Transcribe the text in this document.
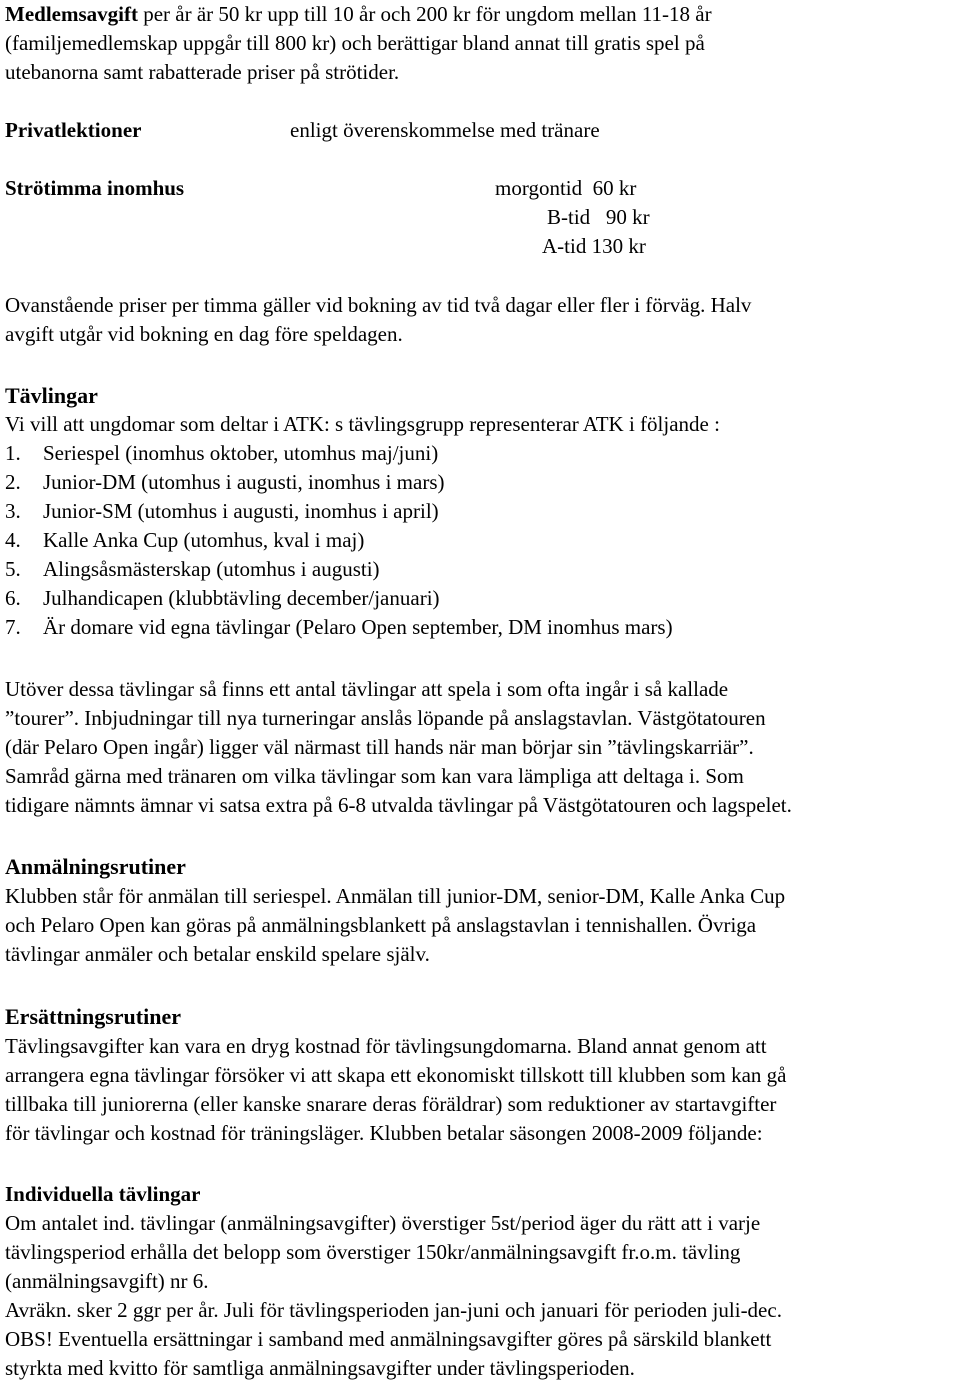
Medlemsavgift per år är 50 kr upp till 10 år och 200 kr för ungdom mellan 11-18 år
(familjemedlemskap uppgår till 800 kr) och berättigar bland annat till gratis spel på
utebanorna samt rabatterade priser på strötider.
Privatlektioner	enligt överenskommelse med tränare
Strötimma inomhus	morgontid  60 kr
B-tid   90 kr
A-tid 130 kr
Ovanstående priser per timma gäller vid bokning av tid två dagar eller fler i förväg. Halv
avgift utgår vid bokning en dag före speldagen.
Tävlingar
Vi vill att ungdomar som deltar i ATK: s tävlingsgrupp representerar ATK i följande :
1. Seriespel (inomhus oktober, utomhus maj/juni)
2. Junior-DM (utomhus i augusti, inomhus i mars)
3. Junior-SM (utomhus i augusti, inomhus i april)
4. Kalle Anka Cup (utomhus, kval i maj)
5. Alingsåsmästerskap (utomhus i augusti)
6. Julhandicapen (klubbtävling december/januari)
7. Är domare vid egna tävlingar (Pelaro Open september, DM inomhus mars)
Utöver dessa tävlingar så finns ett antal tävlingar att spela i som ofta ingår i så kallade
”tourer”. Inbjudningar till nya turneringar anslås löpande på anslagstavlan. Västgötatouren
(där Pelaro Open ingår) ligger väl närmast till hands när man börjar sin ”tävlingskarriär”.
Samråd gärna med tränaren om vilka tävlingar som kan vara lämpliga att deltaga i. Som
tidigare nämnts ämnar vi satsa extra på 6-8 utvalda tävlingar på Västgötatouren och lagspelet.
Anmälningsrutiner
Klubben står för anmälan till seriespel. Anmälan till junior-DM, senior-DM, Kalle Anka Cup
och Pelaro Open kan göras på anmälningsblankett på anslagstavlan i tennishallen. Övriga
tävlingar anmäler och betalar enskild spelare själv.
Ersättningsrutiner
Tävlingsavgifter kan vara en dryg kostnad för tävlingsungdomarna. Bland annat genom att
arrangera egna tävlingar försöker vi att skapa ett ekonomiskt tillskott till klubben som kan gå
tillbaka till juniorerna (eller kanske snarare deras föräldrar) som reduktioner av startavgifter
för tävlingar och kostnad för träningsläger. Klubben betalar säsongen 2008-2009 följande:
Individuella tävlingar
Om antalet ind. tävlingar (anmälningsavgifter) överstiger 5st/period äger du rätt att i varje
tävlingsperiod erhålla det belopp som överstiger 150kr/anmälningsavgift fr.o.m. tävling
(anmälningsavgift) nr 6.
Avräkn. sker 2 ggr per år. Juli för tävlingsperioden jan-juni och januari för perioden juli-dec.
OBS! Eventuella ersättningar i samband med anmälningsavgifter göres på särskild blankett
styrkta med kvitto för samtliga anmälningsavgifter under tävlingsperioden.
